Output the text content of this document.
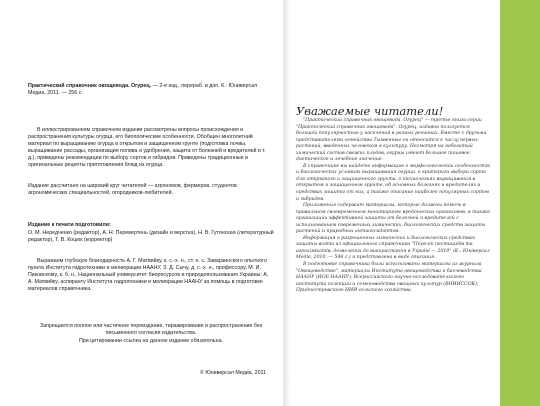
Практический справочник овощевода. Огурец. — 2-е изд., перераб. и доп. К.: Юниверсал Медиа, 2011. — 256 с.

В иллюстрированном справочном издании рассмотрены вопросы происхождения и распространения культуры огурца, его биологические особенности. Обобщен многолетний материал по выращиванию огурца в открытом и защищенном грунте (подготовка почвы, выращивание рассады, организация полива и удобрения, защита от болезней и вредителей и т. д.), приведены рекомендации по выбору сортов и гибридов. Приведены традиционные и оригинальные рецепты приготовления блюд из огурца.

Издание рассчитано на широкий круг читателей — агрономов, фермеров, студентов агрономических специальностей, огородников-любителей.

Издание к печати подготовили:

О. М. Нередченко (редактор), А. Н. Перевертень (дизайн и верстка), Н. В. Гутянская (литературный редактор), Т. В. Коцюк (корректор)

Выражаем глубокую благодарность А. Г. Матвийку, к. с.-х. н., ст. н. с. Заварзинского опытного пункта Института гидротехники и мелиорации НААНУ, З. Д. Сычу, д. с.-х. н., профессору, М. И. Пиковскому, к. б. н., Национальный университет биоресурсов и природопользования Украины; А. А. Матвийку, аспиранту Института гидротехники и мелиорации НААНУ за помощь в подготовке материалов справочника.

Запрещается полное или частичное переиздание, тиражирование и распространение без письменного согласия издательства.

При цитировании ссылка на данное издание обязательна.

© Юниверсал Медиа, 2011

Уважаемые читатели!

"Практический справочник овощевода. Огурец" — третье книга серии "Практический справочник овощевода". Огурец, издавна пользуется большой популярностью у населения в разных регионах. Вместе с другими представителями семейства Тыквенные он относится к числу первых растений, введенных человеком в культуру. Несмотря на небогатый химический состав свежих плодов, огурцы имеют большое пищевое, диетическое и лечебное значение.

В справочнике вы найдете информацию о морфологических особенностях и биологических условиях выращивания огурца, о критериях выбора сорта для открытого и защищенного грунта, о технологиях выращивания в открытом и защищенном грунте, об основных болезнях и вредителях и средствах защиты от них, а также описание наиболее популярных сортов и гибридов.

Приложения содержат материалы, которые должны помочь в правильном своевременном мониторинге вредоносных организмов, в также организации эффективной защиты от болезней и вредителей с использованием современных химических, биологических средств защиты растений и природных антиоксидантов.

Информация о разрешенных химических и биологических средствах защиты взята из официального справочника "Перелік пестицидів та агрохімікатів, дозволених до використання в Україні — 2010" (К.: Юніверсал Медіа, 2010. — 544 с.) и представлена в виде описания.

В подготовке справочника были использованы материалы из журнала "Овощеводство", материалы Института овощеводства и бахчеводства НААНУ (ИОБ НААНУ), Всероссийского научно-исследовательского института селекции и семеноводства овощных культур (ВНИИССОК), Приднестровского НИИ сельского хозяйства.
